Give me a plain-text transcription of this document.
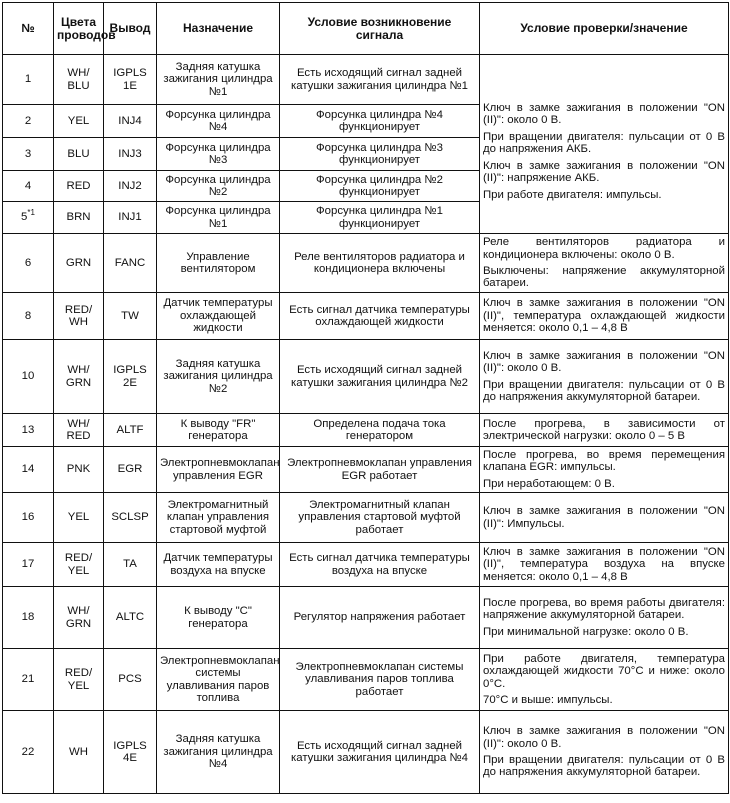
№	Цвета проводов	Вывод	Назначение	Условие возникновение сигнала	Условие проверки/значение
1	WH/ BLU	IGPLS 1E	Задняя катушка зажигания цилиндра №1	Есть исходящий сигнал задней катушки зажигания цилиндра №1	Ключ в замке зажигания в положении "ON (II)": около 0 В.
При вращении двигателя: пульсации от 0 В до напряжения АКБ.
Ключ в замке зажигания в положении "ON (II)": напряжение АКБ.
При работе двигателя: импульсы.

2	YEL	INJ4	Форсунка цилиндра №4	Форсунка цилиндра №4 функционирует	
3	BLU	INJ3	Форсунка цилиндра №3	Форсунка цилиндра №3 функционирует	
4	RED	INJ2	Форсунка цилиндра №2	Форсунка цилиндра №2 функционирует	
5$^{*1}$	BRN	INJ1	Форсунка цилиндра №1	Форсунка цилиндра №1 функционирует	
6	GRN	FANC	Управление вентилятором	Реле вентиляторов радиатора и кондиционера включены	Реле вентиляторов радиатора и кондиционера включены: около 0 В.
Выключены: напряжение аккумуляторной батареи.

8	RED/ WH	TW	Датчик температуры охлаждающей жидкости	Есть сигнал датчика температуры охлаждающей жидкости	Ключ в замке зажигания в положении "ON (II)", температура охлаждающей жидкости меняется: около 0,1 – 4,8 В

10	WH/ GRN	IGPLS 2E	Задняя катушка зажигания цилиндра №2	Есть исходящий сигнал задней катушки зажигания цилиндра №2	Ключ в замке зажигания в положении "ON (II)": около 0 В.
При вращении двигателя: пульсации от 0 В до напряжения аккумуляторной батареи.

13	WH/ RED	ALTF	К выводу "FR" генератора	Определена подача тока генератором	После прогрева, в зависимости от электрической нагрузки: около 0 – 5 В

14	PNK	EGR	Электропневмоклапан управления EGR	Электропневмоклапан управления EGR работает	После прогрева, во время перемещения клапана EGR: импульсы.
При неработающем: 0 В.

16	YEL	SCLSP	Электромагнитный клапан управления стартовой муфтой	Электромагнитный клапан управления стартовой муфтой работает	Ключ в замке зажигания в положении "ON (II)": Импульсы.

17	RED/ YEL	TA	Датчик температуры воздуха на впуске	Есть сигнал датчика температуры воздуха на впуске	Ключ в замке зажигания в положении "ON (II)", температура воздуха на впуске меняется: около 0,1 – 4,8 В

18	WH/ GRN	ALTC	К выводу "C" генератора	Регулятор напряжения работает	После прогрева, во время работы двигателя: напряжение аккумуляторной батареи.
При минимальной нагрузке: около 0 В.

21	RED/ YEL	PCS	Электропневмоклапан системы улавливания паров топлива	Электропневмоклапан системы улавливания паров топлива работает	При работе двигателя, температура охлаждающей жидкости 70°С и ниже: около 0°С.
70°С и выше: импульсы.

22	WH	IGPLS 4E	Задняя катушка зажигания цилиндра №4	Есть исходящий сигнал задней катушки зажигания цилиндра №4	Ключ в замке зажигания в положении "ON (II)": около 0 В.
При вращении двигателя: пульсации от 0 В до напряжения аккумуляторной батареи.
